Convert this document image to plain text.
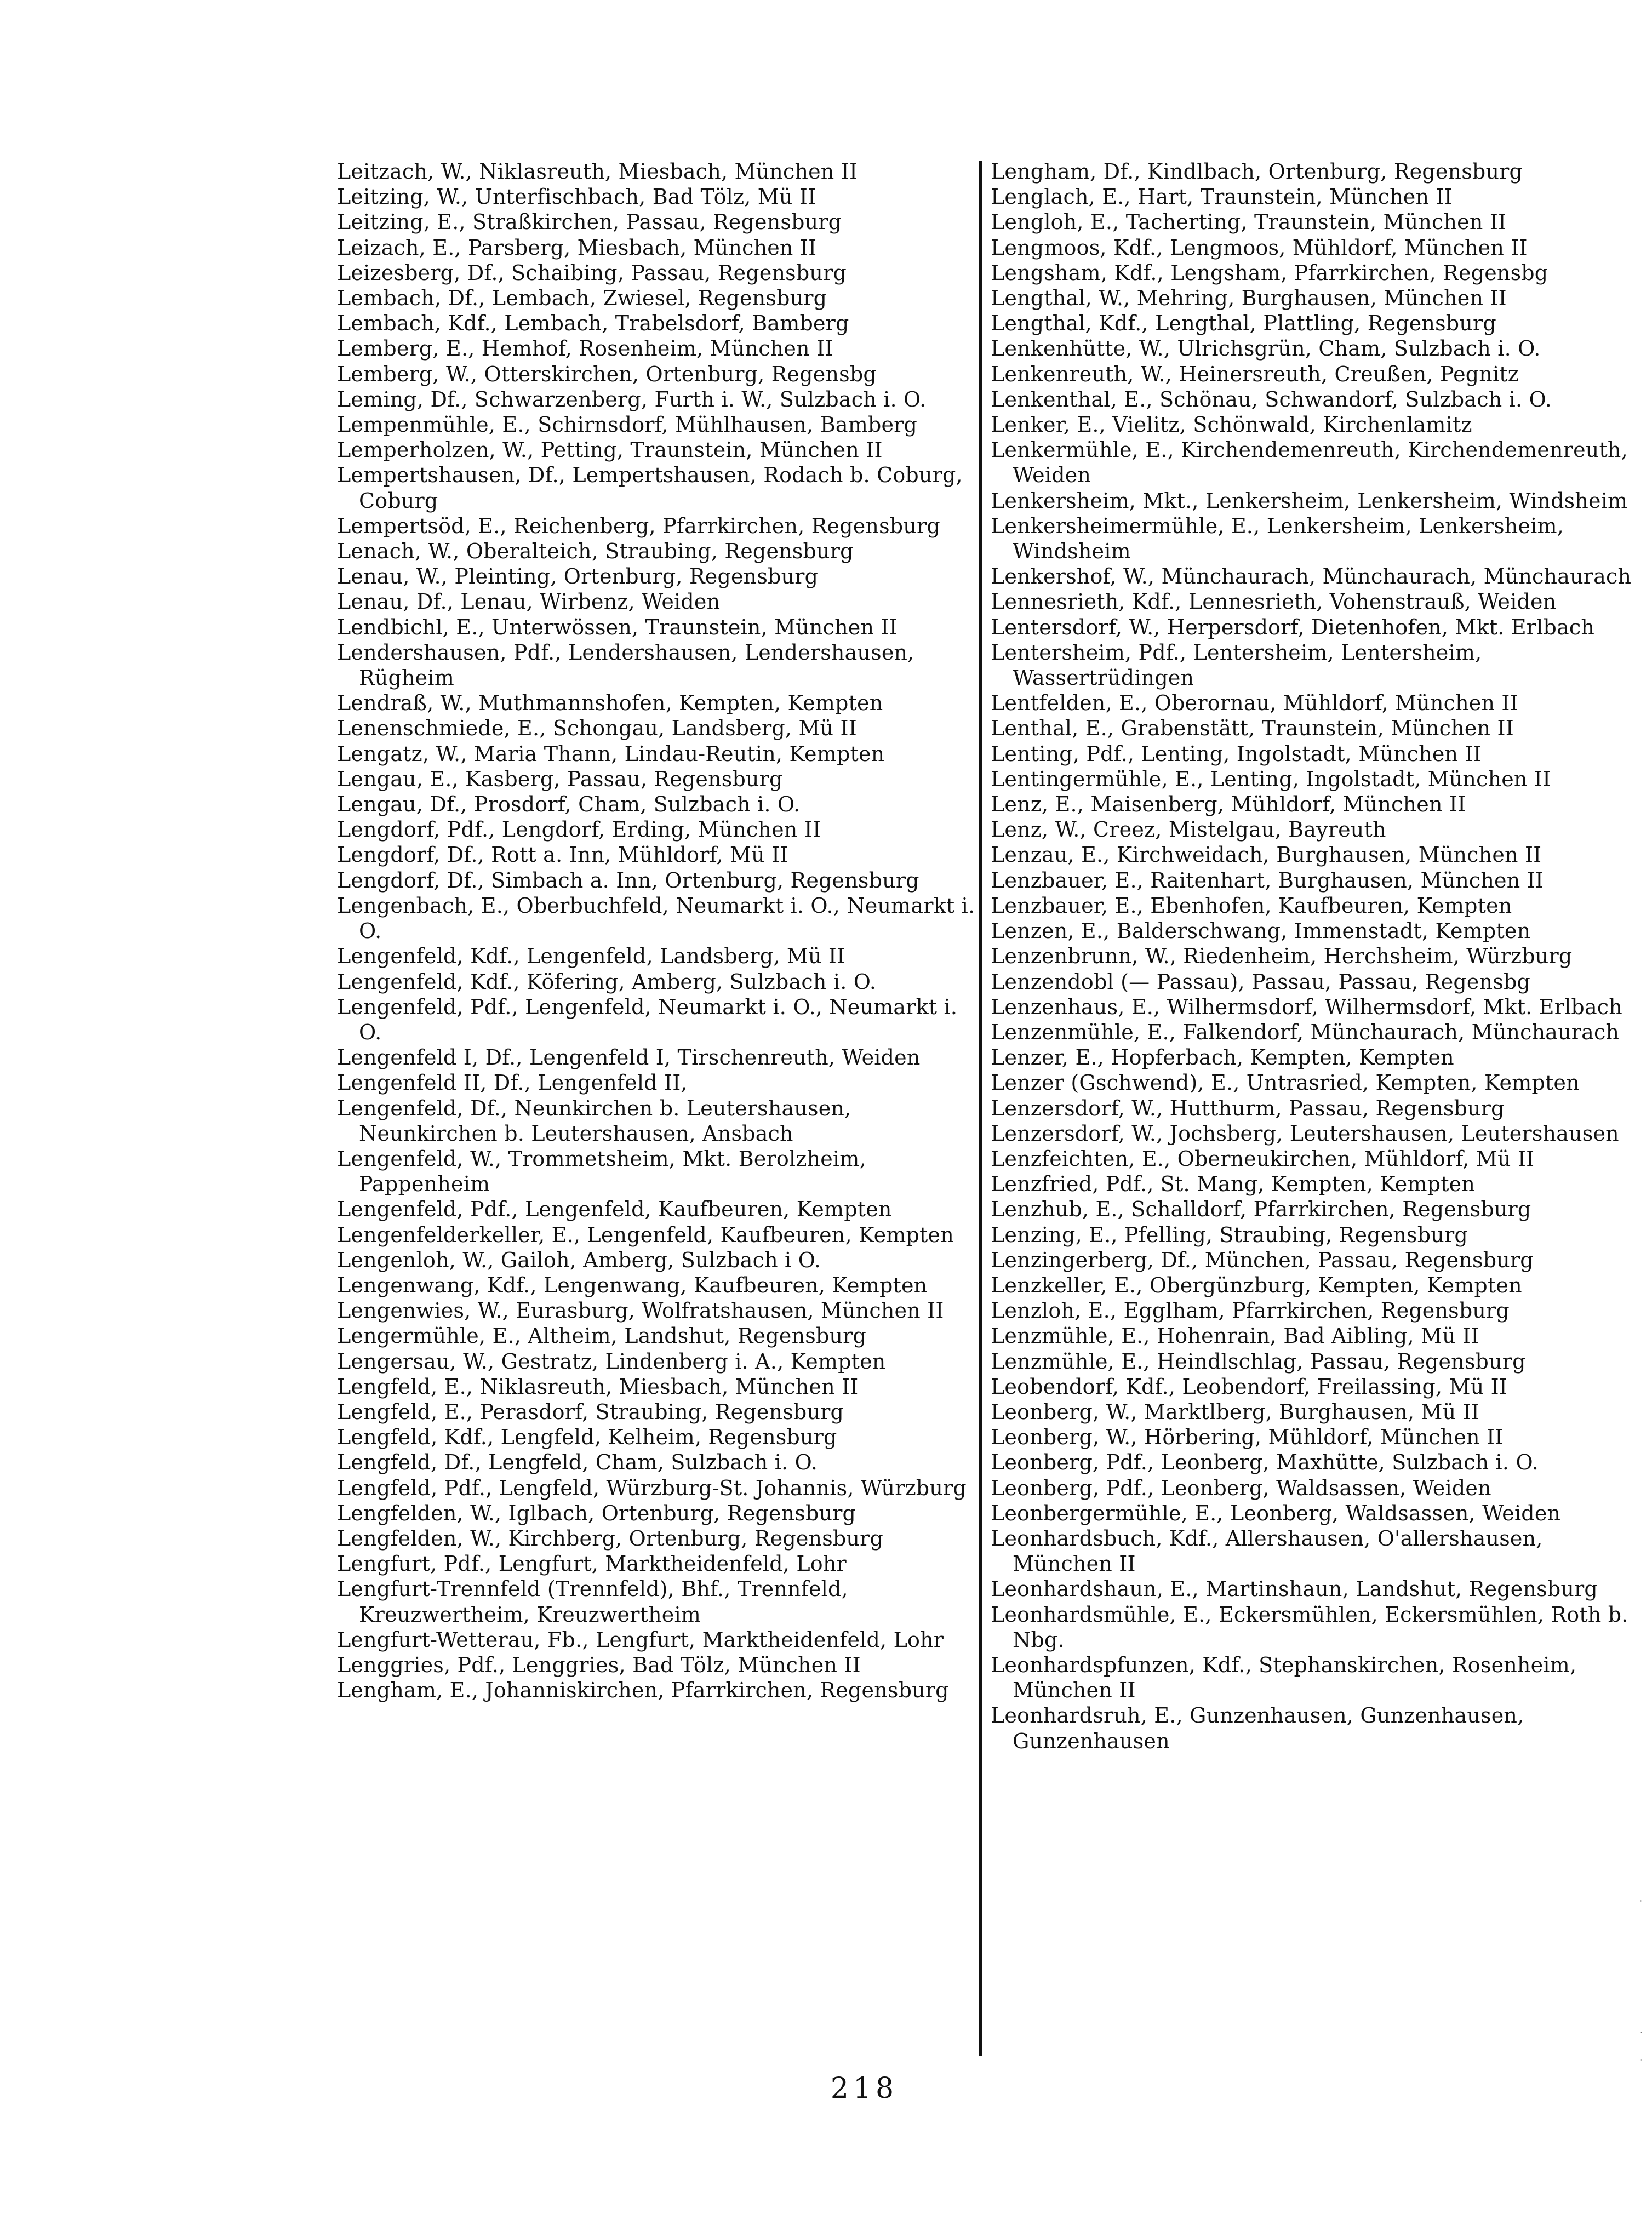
Leitzach, W., Niklasreuth, Miesbach, München II

Leitzing, W., Unterfischbach, Bad Tölz, Mü II

Leitzing, E., Straßkirchen, Passau, Regensburg

Leizach, E., Parsberg, Miesbach, München II

Leizesberg, Df., Schaibing, Passau, Regensburg

Lembach, Df., Lembach, Zwiesel, Regensburg

Lembach, Kdf., Lembach, Trabelsdorf, Bamberg

Lemberg, E., Hemhof, Rosenheim, München II

Lemberg, W., Otterskirchen, Ortenburg, Regensbg

Leming, Df., Schwarzenberg, Furth i. W., Sulzbach i. O.

Lempenmühle, E., Schirnsdorf, Mühlhausen, Bamberg

Lemperholzen, W., Petting, Traunstein, München II

Lempertshausen, Df., Lempertshausen, Rodach b. Coburg, Coburg

Lempertsöd, E., Reichenberg, Pfarrkirchen, Regensburg

Lenach, W., Oberalteich, Straubing, Regensburg

Lenau, W., Pleinting, Ortenburg, Regensburg

Lenau, Df., Lenau, Wirbenz, Weiden

Lendbichl, E., Unterwössen, Traunstein, München II

Lendershausen, Pdf., Lendershausen, Lendershausen, Rügheim

Lendraß, W., Muthmannshofen, Kempten, Kempten

Lenenschmiede, E., Schongau, Landsberg, Mü II

Lengatz, W., Maria Thann, Lindau-Reutin, Kempten

Lengau, E., Kasberg, Passau, Regensburg

Lengau, Df., Prosdorf, Cham, Sulzbach i. O.

Lengdorf, Pdf., Lengdorf, Erding, München II

Lengdorf, Df., Rott a. Inn, Mühldorf, Mü II

Lengdorf, Df., Simbach a. Inn, Ortenburg, Regensburg

Lengenbach, E., Oberbuchfeld, Neumarkt i. O., Neumarkt i. O.

Lengenfeld, Kdf., Lengenfeld, Landsberg, Mü II

Lengenfeld, Kdf., Köfering, Amberg, Sulzbach i. O.

Lengenfeld, Pdf., Lengenfeld, Neumarkt i. O., Neumarkt i. O.

Lengenfeld I, Df., Lengenfeld I, Tirschenreuth, Weiden

Lengenfeld II, Df., Lengenfeld II,

Lengenfeld, Df., Neunkirchen b. Leutershausen, Neunkirchen b. Leutershausen, Ansbach

Lengenfeld, W., Trommetsheim, Mkt. Berolzheim, Pappenheim

Lengenfeld, Pdf., Lengenfeld, Kaufbeuren, Kempten

Lengenfelderkeller, E., Lengenfeld, Kaufbeuren, Kempten

Lengenloh, W., Gailoh, Amberg, Sulzbach i O.

Lengenwang, Kdf., Lengenwang, Kaufbeuren, Kempten

Lengenwies, W., Eurasburg, Wolfratshausen, München II

Lengermühle, E., Altheim, Landshut, Regensburg

Lengersau, W., Gestratz, Lindenberg i. A., Kempten

Lengfeld, E., Niklasreuth, Miesbach, München II

Lengfeld, E., Perasdorf, Straubing, Regensburg

Lengfeld, Kdf., Lengfeld, Kelheim, Regensburg

Lengfeld, Df., Lengfeld, Cham, Sulzbach i. O.

Lengfeld, Pdf., Lengfeld, Würzburg-St. Johannis, Würzburg

Lengfelden, W., Iglbach, Ortenburg, Regensburg

Lengfelden, W., Kirchberg, Ortenburg, Regensburg

Lengfurt, Pdf., Lengfurt, Marktheidenfeld, Lohr

Lengfurt-Trennfeld (Trennfeld), Bhf., Trennfeld, Kreuzwertheim, Kreuzwertheim

Lengfurt-Wetterau, Fb., Lengfurt, Marktheidenfeld, Lohr

Lenggries, Pdf., Lenggries, Bad Tölz, München II

Lengham, E., Johanniskirchen, Pfarrkirchen, Regensburg

Lengham, Df., Kindlbach, Ortenburg, Regensburg

Lenglach, E., Hart, Traunstein, München II

Lengloh, E., Tacherting, Traunstein, München II

Lengmoos, Kdf., Lengmoos, Mühldorf, München II

Lengsham, Kdf., Lengsham, Pfarrkirchen, Regensbg

Lengthal, W., Mehring, Burghausen, München II

Lengthal, Kdf., Lengthal, Plattling, Regensburg

Lenkenhütte, W., Ulrichsgrün, Cham, Sulzbach i. O.

Lenkenreuth, W., Heinersreuth, Creußen, Pegnitz

Lenkenthal, E., Schönau, Schwandorf, Sulzbach i. O.

Lenker, E., Vielitz, Schönwald, Kirchenlamitz

Lenkermühle, E., Kirchendemenreuth, Kirchendemenreuth, Weiden

Lenkersheim, Mkt., Lenkersheim, Lenkersheim, Windsheim

Lenkersheimermühle, E., Lenkersheim, Lenkersheim, Windsheim

Lenkershof, W., Münchaurach, Münchaurach, Münchaurach

Lennesrieth, Kdf., Lennesrieth, Vohenstrauß, Weiden

Lentersdorf, W., Herpersdorf, Dietenhofen, Mkt. Erlbach

Lentersheim, Pdf., Lentersheim, Lentersheim, Wassertrüdingen

Lentfelden, E., Oberornau, Mühldorf, München II

Lenthal, E., Grabenstätt, Traunstein, München II

Lenting, Pdf., Lenting, Ingolstadt, München II

Lentingermühle, E., Lenting, Ingolstadt, München II

Lenz, E., Maisenberg, Mühldorf, München II

Lenz, W., Creez, Mistelgau, Bayreuth

Lenzau, E., Kirchweidach, Burghausen, München II

Lenzbauer, E., Raitenhart, Burghausen, München II

Lenzbauer, E., Ebenhofen, Kaufbeuren, Kempten

Lenzen, E., Balderschwang, Immenstadt, Kempten

Lenzenbrunn, W., Riedenheim, Herchsheim, Würzburg

Lenzendobl (— Passau), Passau, Passau, Regensbg

Lenzenhaus, E., Wilhermsdorf, Wilhermsdorf, Mkt. Erlbach

Lenzenmühle, E., Falkendorf, Münchaurach, Münchaurach

Lenzer, E., Hopferbach, Kempten, Kempten

Lenzer (Gschwend), E., Untrasried, Kempten, Kempten

Lenzersdorf, W., Hutthurm, Passau, Regensburg

Lenzersdorf, W., Jochsberg, Leutershausen, Leutershausen

Lenzfeichten, E., Oberneukirchen, Mühldorf, Mü II

Lenzfried, Pdf., St. Mang, Kempten, Kempten

Lenzhub, E., Schalldorf, Pfarrkirchen, Regensburg

Lenzing, E., Pfelling, Straubing, Regensburg

Lenzingerberg, Df., München, Passau, Regensburg

Lenzkeller, E., Obergünzburg, Kempten, Kempten

Lenzloh, E., Egglham, Pfarrkirchen, Regensburg

Lenzmühle, E., Hohenrain, Bad Aibling, Mü II

Lenzmühle, E., Heindlschlag, Passau, Regensburg

Leobendorf, Kdf., Leobendorf, Freilassing, Mü II

Leonberg, W., Marktlberg, Burghausen, Mü II

Leonberg, W., Hörbering, Mühldorf, München II

Leonberg, Pdf., Leonberg, Maxhütte, Sulzbach i. O.

Leonberg, Pdf., Leonberg, Waldsassen, Weiden

Leonbergermühle, E., Leonberg, Waldsassen, Weiden

Leonhardsbuch, Kdf., Allershausen, O'allershausen, München II

Leonhardshaun, E., Martinshaun, Landshut, Regensburg

Leonhardsmühle, E., Eckersmühlen, Eckersmühlen, Roth b. Nbg.

Leonhardspfunzen, Kdf., Stephanskirchen, Rosenheim, München II

Leonhardsruh, E., Gunzenhausen, Gunzenhausen, Gunzenhausen

218
·
·
·
